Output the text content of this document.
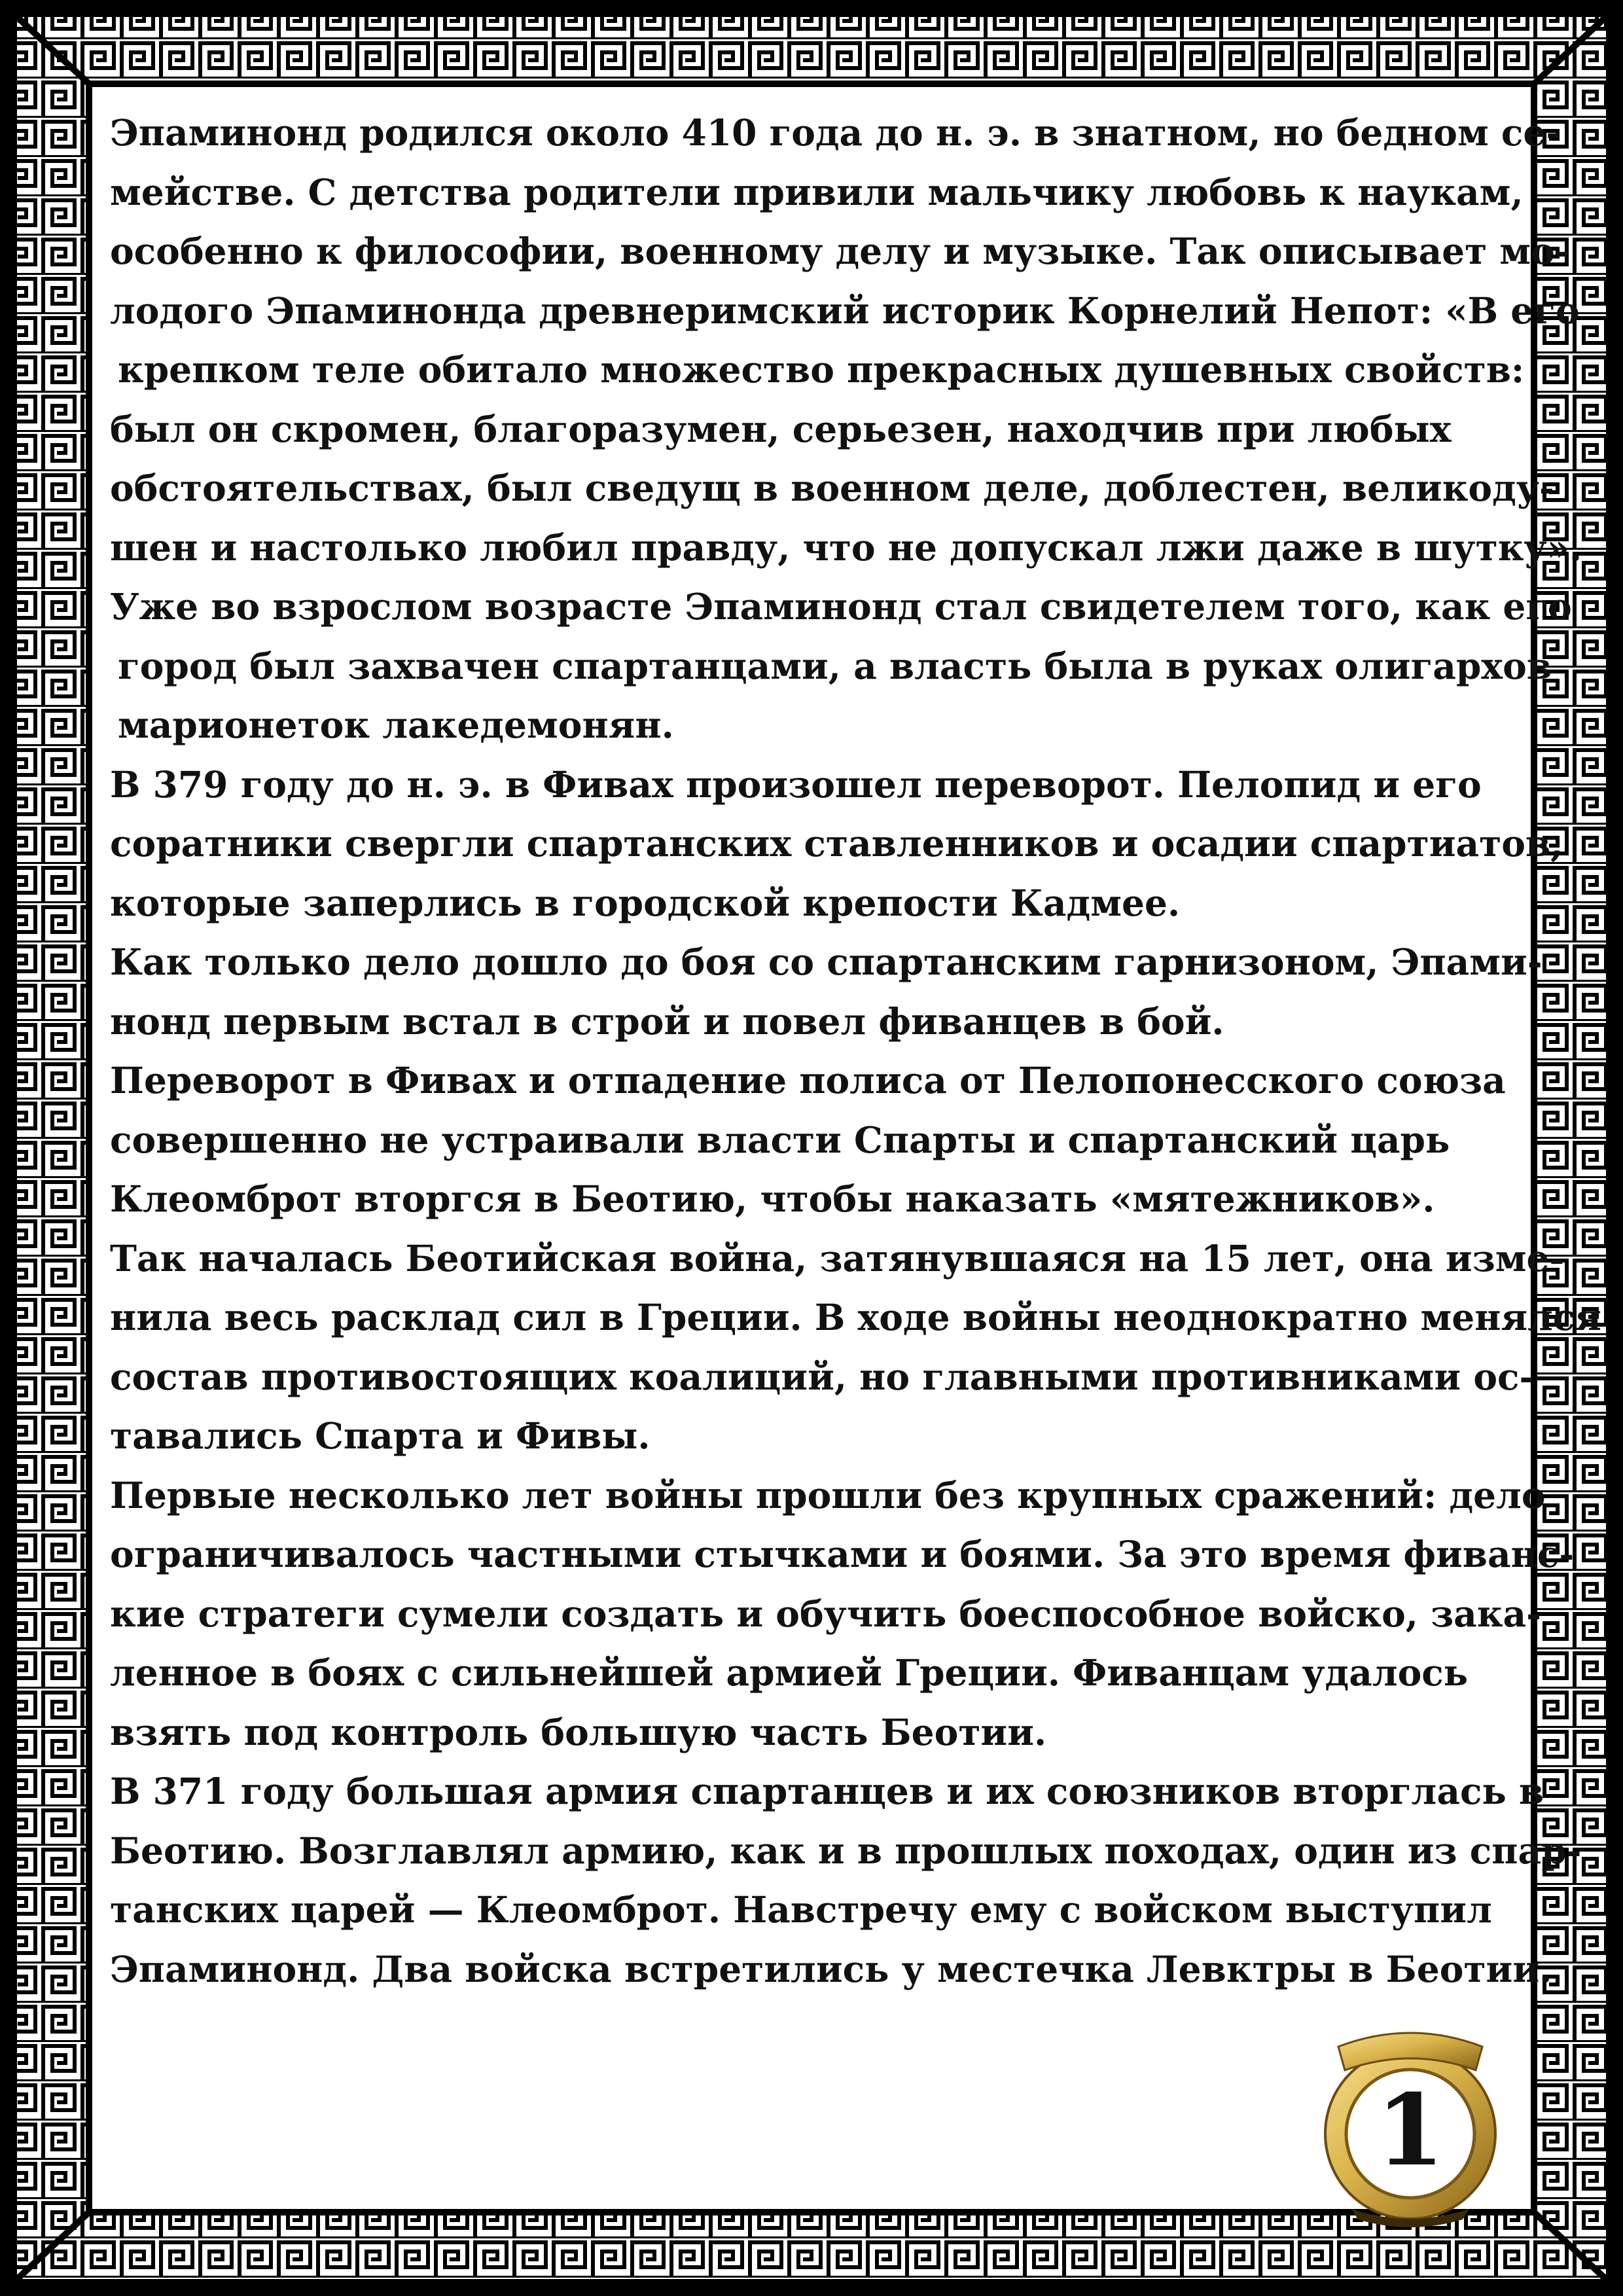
Эпаминонд родился около 410 года до н. э. в знатном, но бедном се-
мействе. С детства родители привили мальчику любовь к наукам,
особенно к философии, военному делу и музыке. Так описывает мо-
лодого Эпаминонда древнеримский историк Корнелий Непот: «В его
крепком теле обитало множество прекрасных душевных свойств:
был он скромен, благоразумен, серьезен, находчив при любых
обстоятельствах, был сведущ в военном деле, доблестен, великоду-
шен и настолько любил правду, что не допускал лжи даже в шутку».
Уже во взрослом возрасте Эпаминонд стал свидетелем того, как его
город был захвачен спартанцами, а власть была в руках олигархов
марионеток лакедемонян.
В 379 году до н. э. в Фивах произошел переворот. Пелопид и его
соратники свергли спартанских ставленников и осадии спартиатов,
которые заперлись в городской крепости Кадмее.
Как только дело дошло до боя со спартанским гарнизоном, Эпами-
нонд первым встал в строй и повел фиванцев в бой.
Переворот в Фивах и отпадение полиса от Пелопонесского союза
совершенно не устраивали власти Спарты и спартанский царь
Клеомброт вторгся в Беотию, чтобы наказать «мятежников».
Так началась Беотийская война, затянувшаяся на 15 лет, она изме-
нила весь расклад сил в Греции. В ходе войны неоднократно менялся
состав противостоящих коалиций, но главными противниками ос-
тавались Спарта и Фивы.
Первые несколько лет войны прошли без крупных сражений: дело
ограничивалось частными стычками и боями. За это время фиванс-
кие стратеги сумели создать и обучить боеспособное войско, зака-
ленное в боях с сильнейшей армией Греции. Фиванцам удалось
взять под контроль большую часть Беотии.
В 371 году большая армия спартанцев и их союзников вторглась в
Беотию. Возглавлял армию, как и в прошлых походах, один из спар-
танских царей — Клеомброт. Навстречу ему с войском выступил
Эпаминонд. Два войска встретились у местечка Левктры в Беотии.
1
